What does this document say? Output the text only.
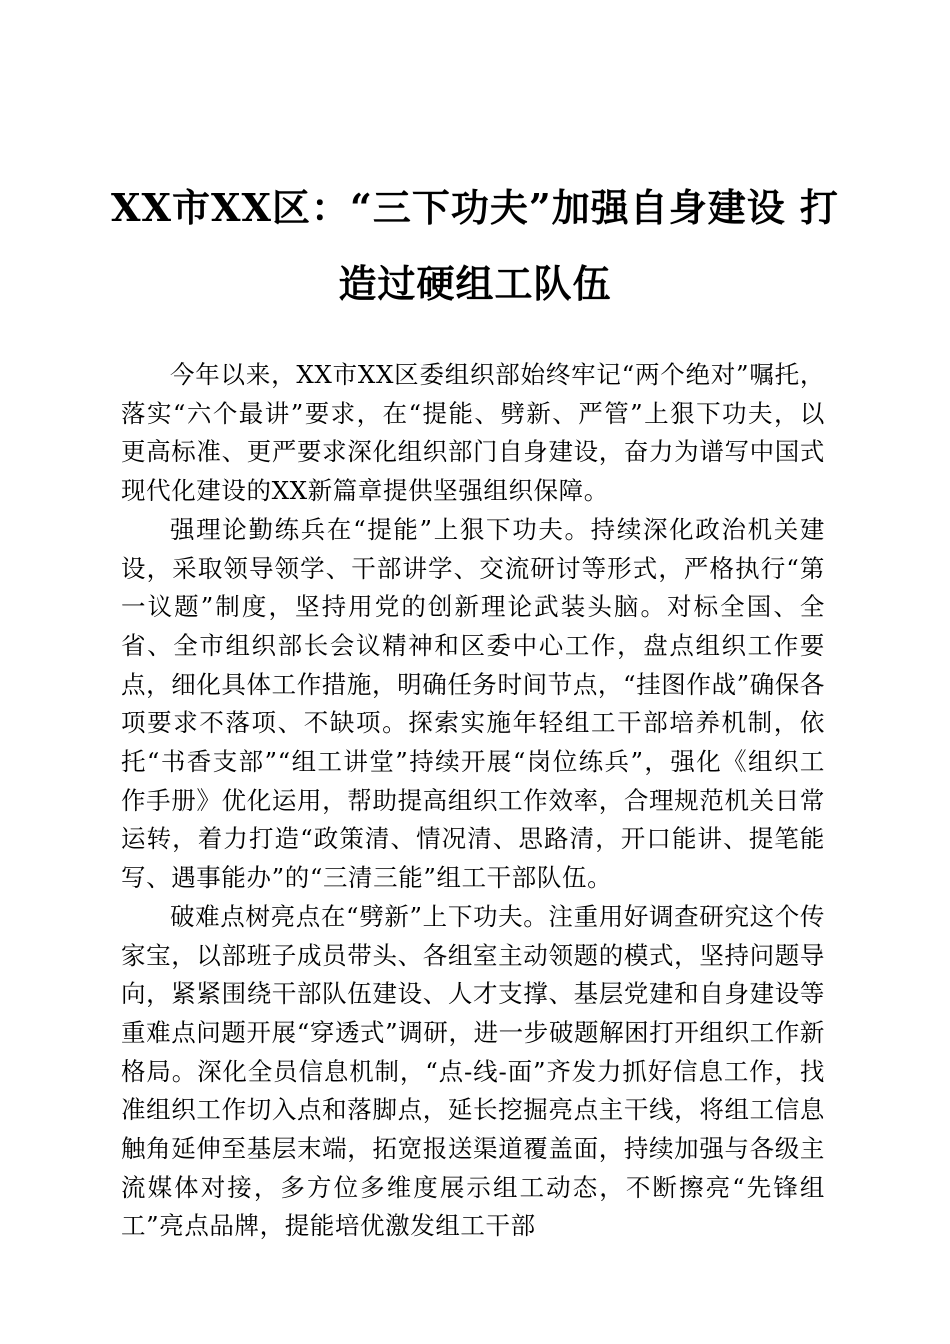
XX市XX区：“三下功夫”加强自身建设 打造过硬组工队伍

今年以来，XX市XX区委组织部始终牢记“两个绝对”嘱托，落实“六个最讲”要求，在“提能、劈新、严管”上狠下功夫，以更高标准、更严要求深化组织部门自身建设，奋力为谱写中国式现代化建设的XX新篇章提供坚强组织保障。

强理论勤练兵在“提能”上狠下功夫。持续深化政治机关建设，采取领导领学、干部讲学、交流研讨等形式，严格执行“第一议题”制度，坚持用党的创新理论武装头脑。对标全国、全省、全市组织部长会议精神和区委中心工作，盘点组织工作要点，细化具体工作措施，明确任务时间节点，“挂图作战”确保各项要求不落项、不缺项。探索实施年轻组工干部培养机制，依托“书香支部”“组工讲堂”持续开展“岗位练兵”，强化《组织工作手册》优化运用，帮助提高组织工作效率，合理规范机关日常运转，着力打造“政策清、情况清、思路清，开口能讲、提笔能写、遇事能办”的“三清三能”组工干部队伍。

破难点树亮点在“劈新”上下功夫。注重用好调查研究这个传家宝，以部班子成员带头、各组室主动领题的模式，坚持问题导向，紧紧围绕干部队伍建设、人才支撑、基层党建和自身建设等重难点问题开展“穿透式”调研，进一步破题解困打开组织工作新格局。深化全员信息机制，“点-线-面”齐发力抓好信息工作，找准组织工作切入点和落脚点，延长挖掘亮点主干线，将组工信息触角延伸至基层末端，拓宽报送渠道覆盖面，持续加强与各级主流媒体对接，多方位多维度展示组工动态，不断擦亮“先锋组工”亮点品牌，提能培优激发组工干部
